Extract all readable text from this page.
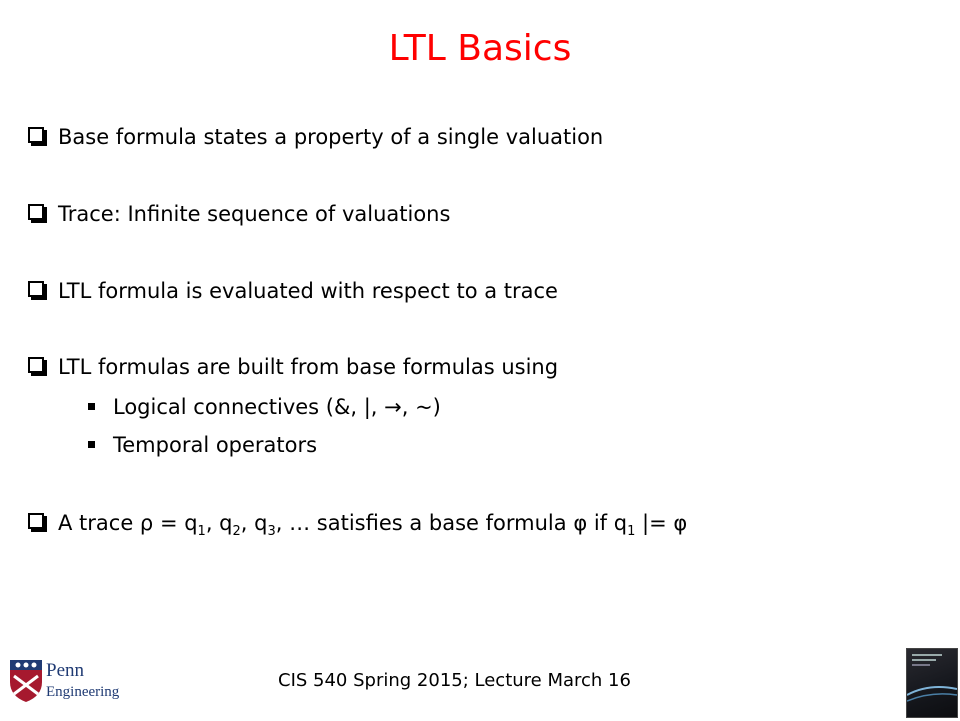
LTL Basics
Base formula states a property of a single valuation
Trace: Infinite sequence of valuations
LTL formula is evaluated with respect to a trace
LTL formulas are built from base formulas using
Logical connectives (&, |, →, ~)
Temporal operators
A trace $\rho = q_1$, $q_2$, $q_3$, … satisfies a base formula φ if $q_1$ |= φ
Penn
Engineering
CIS 540 Spring 2015; Lecture March 16
